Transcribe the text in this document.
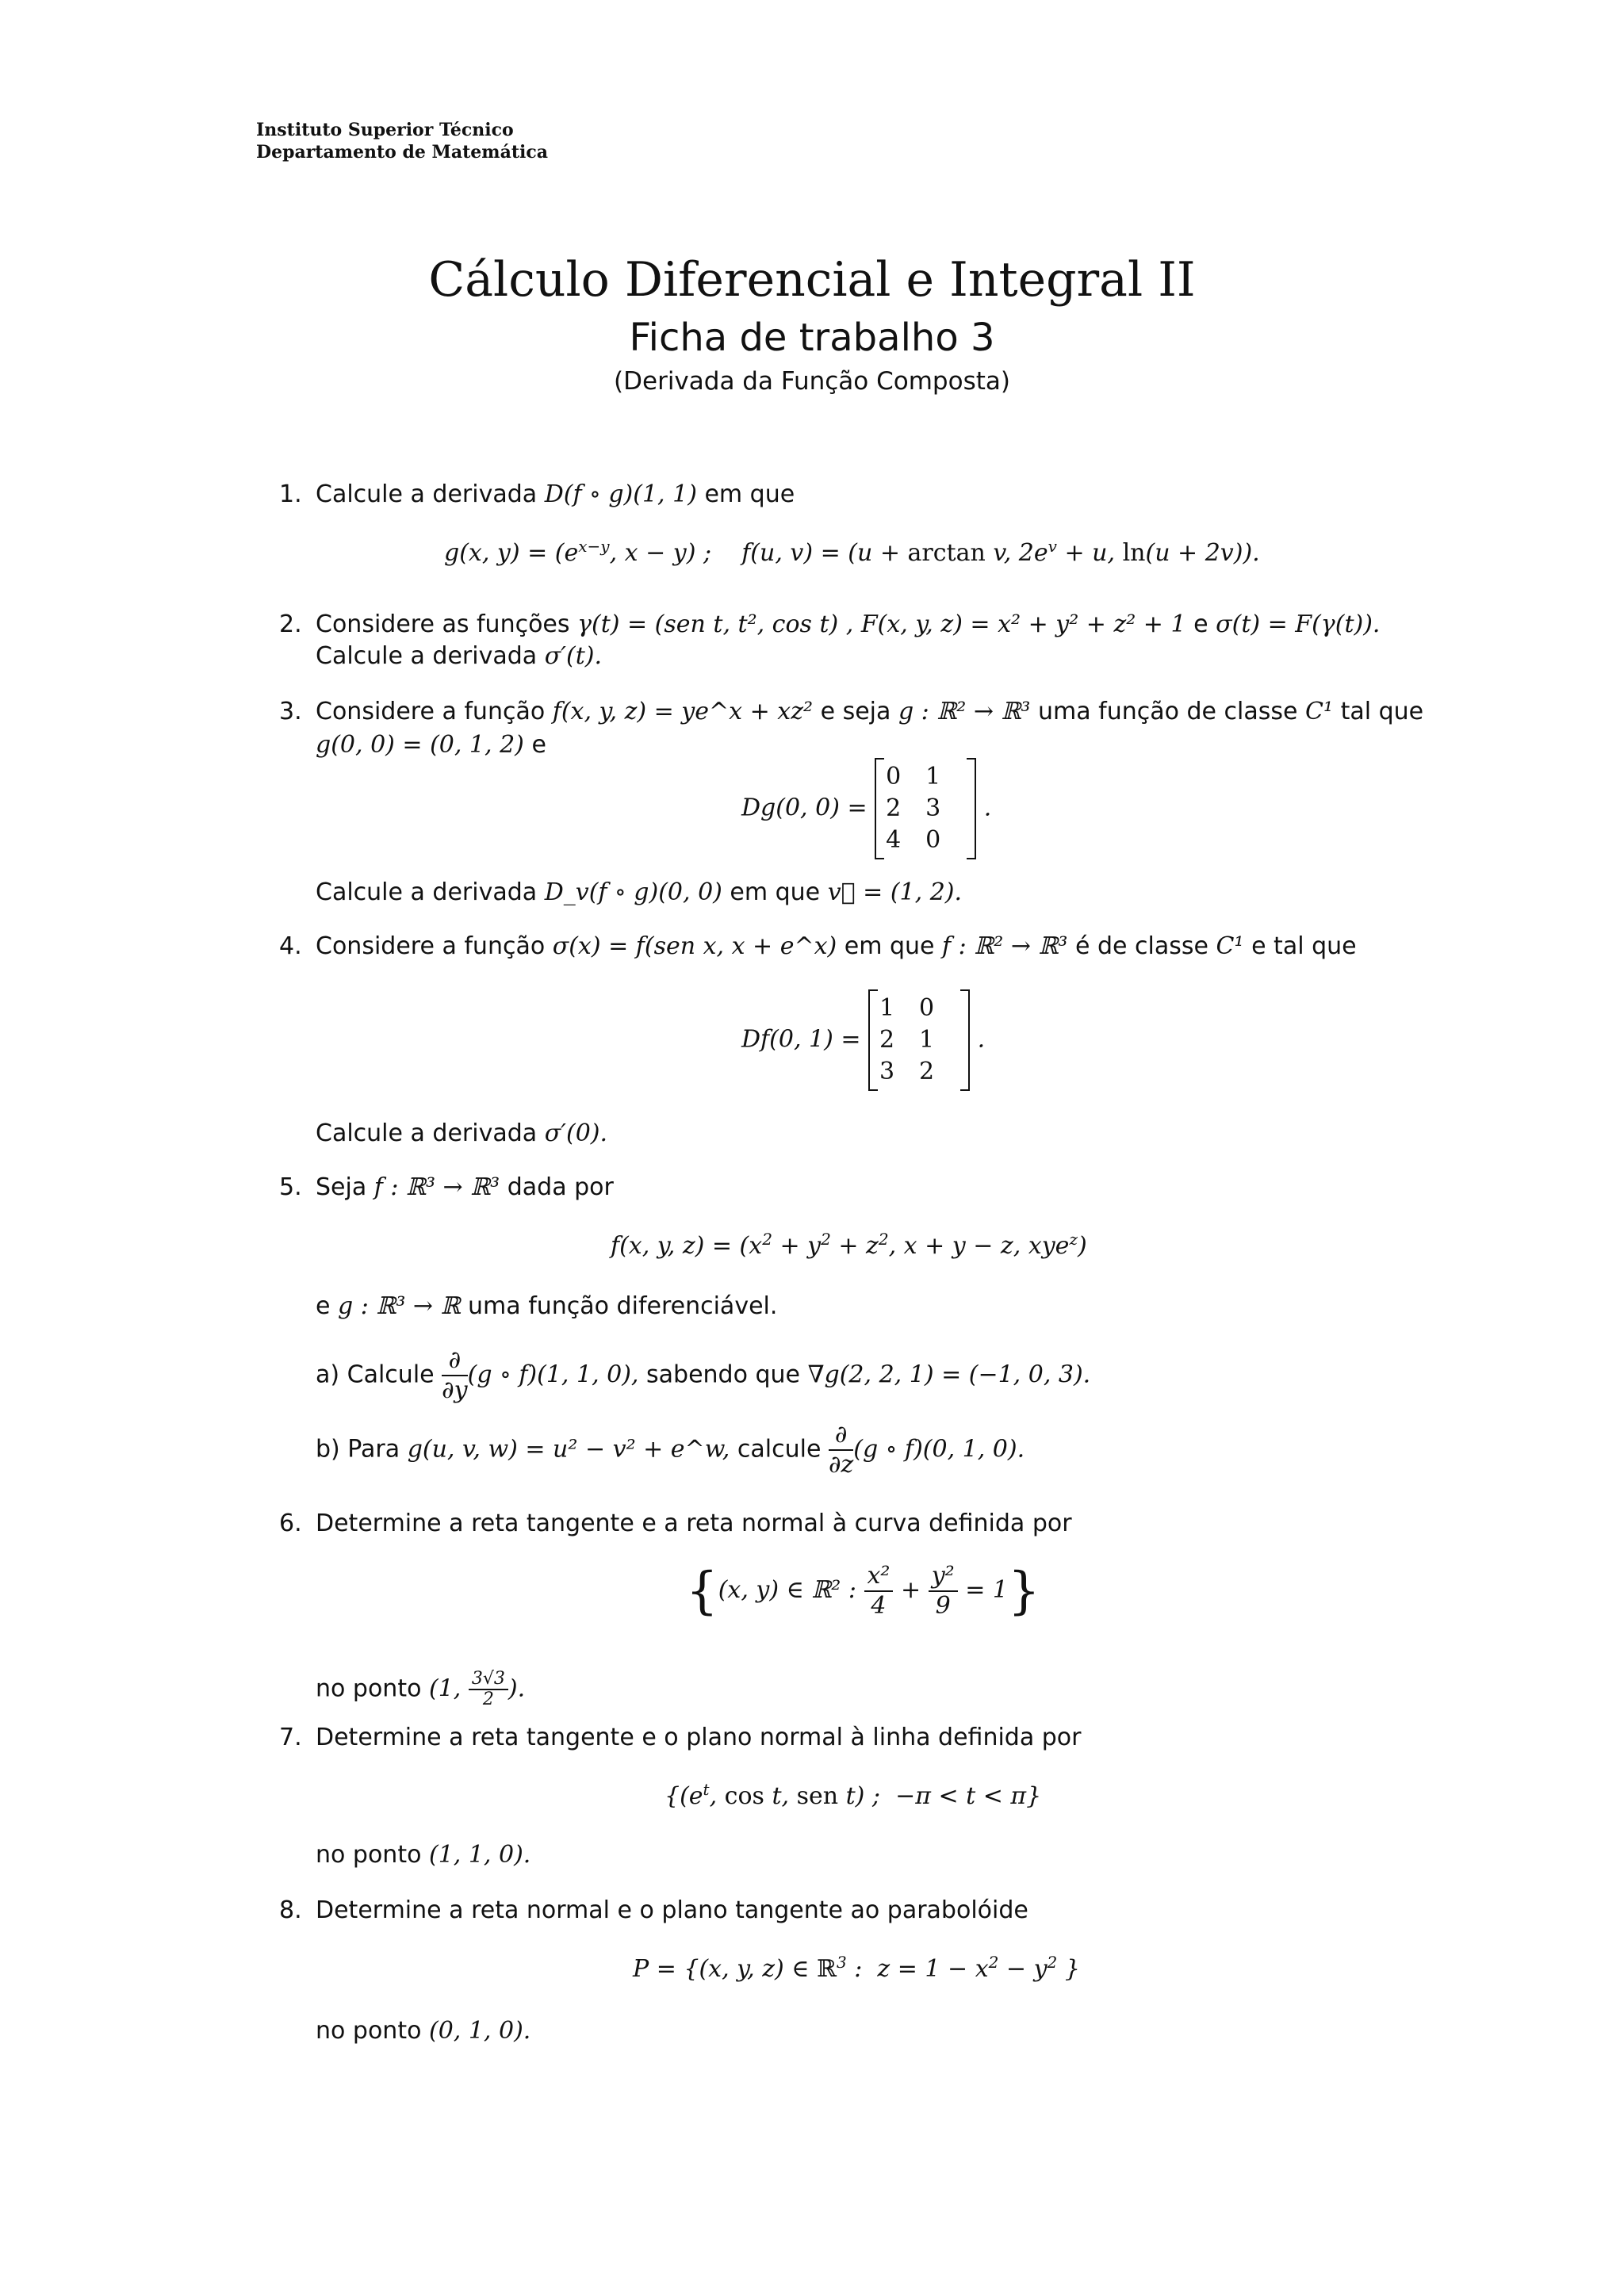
Instituto Superior Técnico
Departamento de Matemática
Cálculo Diferencial e Integral II
Ficha de trabalho 3
(Derivada da Função Composta)
1. Calcule a derivada D(f ∘ g)(1, 1) em que
g(x, $y) = (e^{x-y}$, x − y) ;    f(u, v) = (u + arctan v, $2e^v + u$, ln(u + 2v)).
2. Considere as funções γ(t) = (sen t, t², cos t) , F(x, y, z) = x² + y² + z² + 1 e σ(t) = F(γ(t)).
Calcule a derivada σ′(t).
3. Considere a função f(x, y, z) = ye^x + xz² e seja g : ℝ² → ℝ³ uma função de classe C¹ tal que
g(0, 0) = (0, 1, 2) e
Dg(0, 0) =
0	1
2	3
4	0
.
Calcule a derivada D_v(f ∘ g)(0, 0) em que v⃗ = (1, 2).
4. Considere a função σ(x) = f(sen x, x + e^x) em que f : ℝ² → ℝ³ é de classe C¹ e tal que
Df(0, 1) =
1	0
2	1
3	2
.
Calcule a derivada σ′(0).
5. Seja f : ℝ³ → ℝ³ dada por
f(x, y, $z) = (x^2 + y^2 + z^2$, x + y − z, xye$^z$)
e g : ℝ³ → ℝ uma função diferenciável.
a) Calcule $\frac{\partial}{\partial y} (g$ ∘ f)(1, 1, 0), sabendo que ∇g(2, 2, 1) = (−1, 0, 3).
b) Para g(u, v, w) = u² − v² + e^w, calcule $\frac{\partial}{\partial z} (g$ ∘ f)(0, 1, 0).
6. Determine a reta tangente e a reta normal à curva definida por
{(x, y) ∈ ℝ² : $\frac{\text{x²}}{4} + \frac{\text{y²}}{9} = 1$}
no ponto (1, $\frac{3√3}{2}$ ).
7. Determine a reta tangente e o plano normal à linha definida por
{($e^t$, cos t, sen t) ;  −π < t < π}
no ponto (1, 1, 0).
8. Determine a reta normal e o plano tangente ao parabolóide
P = {(x, y, z) ∈ ℝ$^3$ :  $z = 1 - x^2 - y^2$ }
no ponto (0, 1, 0).
